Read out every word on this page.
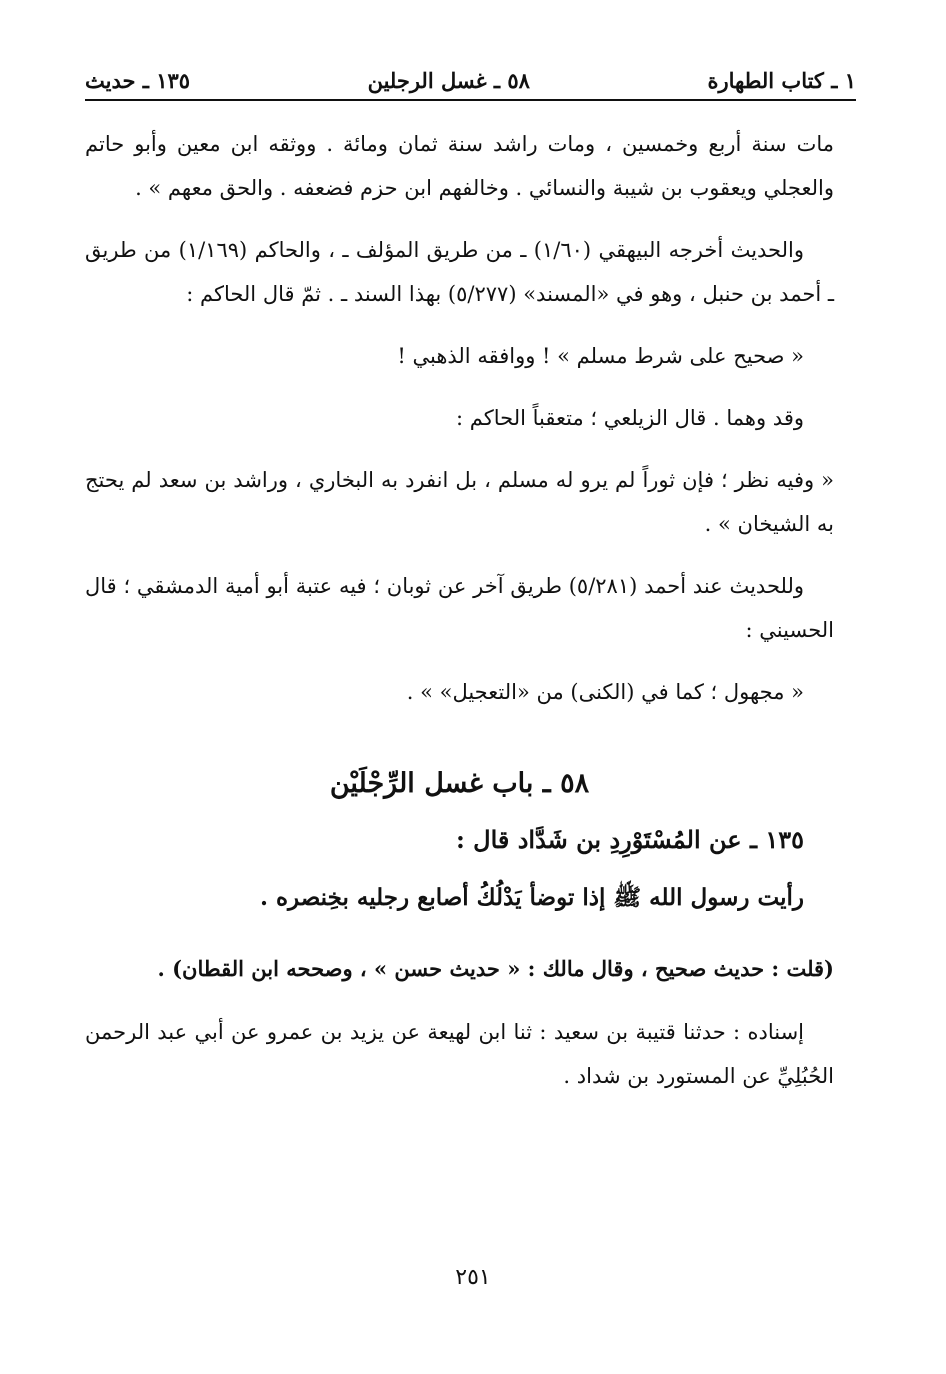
١ ـ كتاب الطهارة
٥٨ ـ غسل الرجلين
١٣٥ ـ حديث

مات سنة أربع وخمسين ، ومات راشد سنة ثمان ومائة . ووثقه ابن معين وأبو حاتم والعجلي ويعقوب بن شيبة والنسائي . وخالفهم ابن حزم فضعفه . والحق معهم » .

والحديث أخرجه البيهقي (١/٦٠) ـ من طريق المؤلف ـ ، والحاكم (١/١٦٩) من طريق ـ أحمد بن حنبل ، وهو في «المسند» (٥/٢٧٧) بهذا السند ـ . ثمّ قال الحاكم :

« صحيح على شرط مسلم » ! ووافقه الذهبي !

وقد وهما . قال الزيلعي ؛ متعقباً الحاكم :

« وفيه نظر ؛ فإن ثوراً لم يرو له مسلم ، بل انفرد به البخاري ، وراشد بن سعد لم يحتج به الشيخان » .

وللحديث عند أحمد (٥/٢٨١) طريق آخر عن ثوبان ؛ فيه عتبة أبو أمية الدمشقي ؛ قال الحسيني :

« مجهول ؛ كما في (الكنى) من «التعجيل» » .

٥٨ ـ باب غسل الرِّجْلَيْن

١٣٥ ـ عن المُسْتَوْرِدِ بن شَدَّاد قال :

رأيت رسول الله ﷺ إذا توضأ يَدْلُكُ أصابع رجليه بخِنصره .

(قلت : حديث صحيح ، وقال مالك : « حديث حسن » ، وصححه ابن القطان) .

إسناده : حدثنا قتيبة بن سعيد : ثنا ابن لهيعة عن يزيد بن عمرو عن أبي عبد الرحمن الحُبُلِيِّ عن المستورد بن شداد .

٢٥١
